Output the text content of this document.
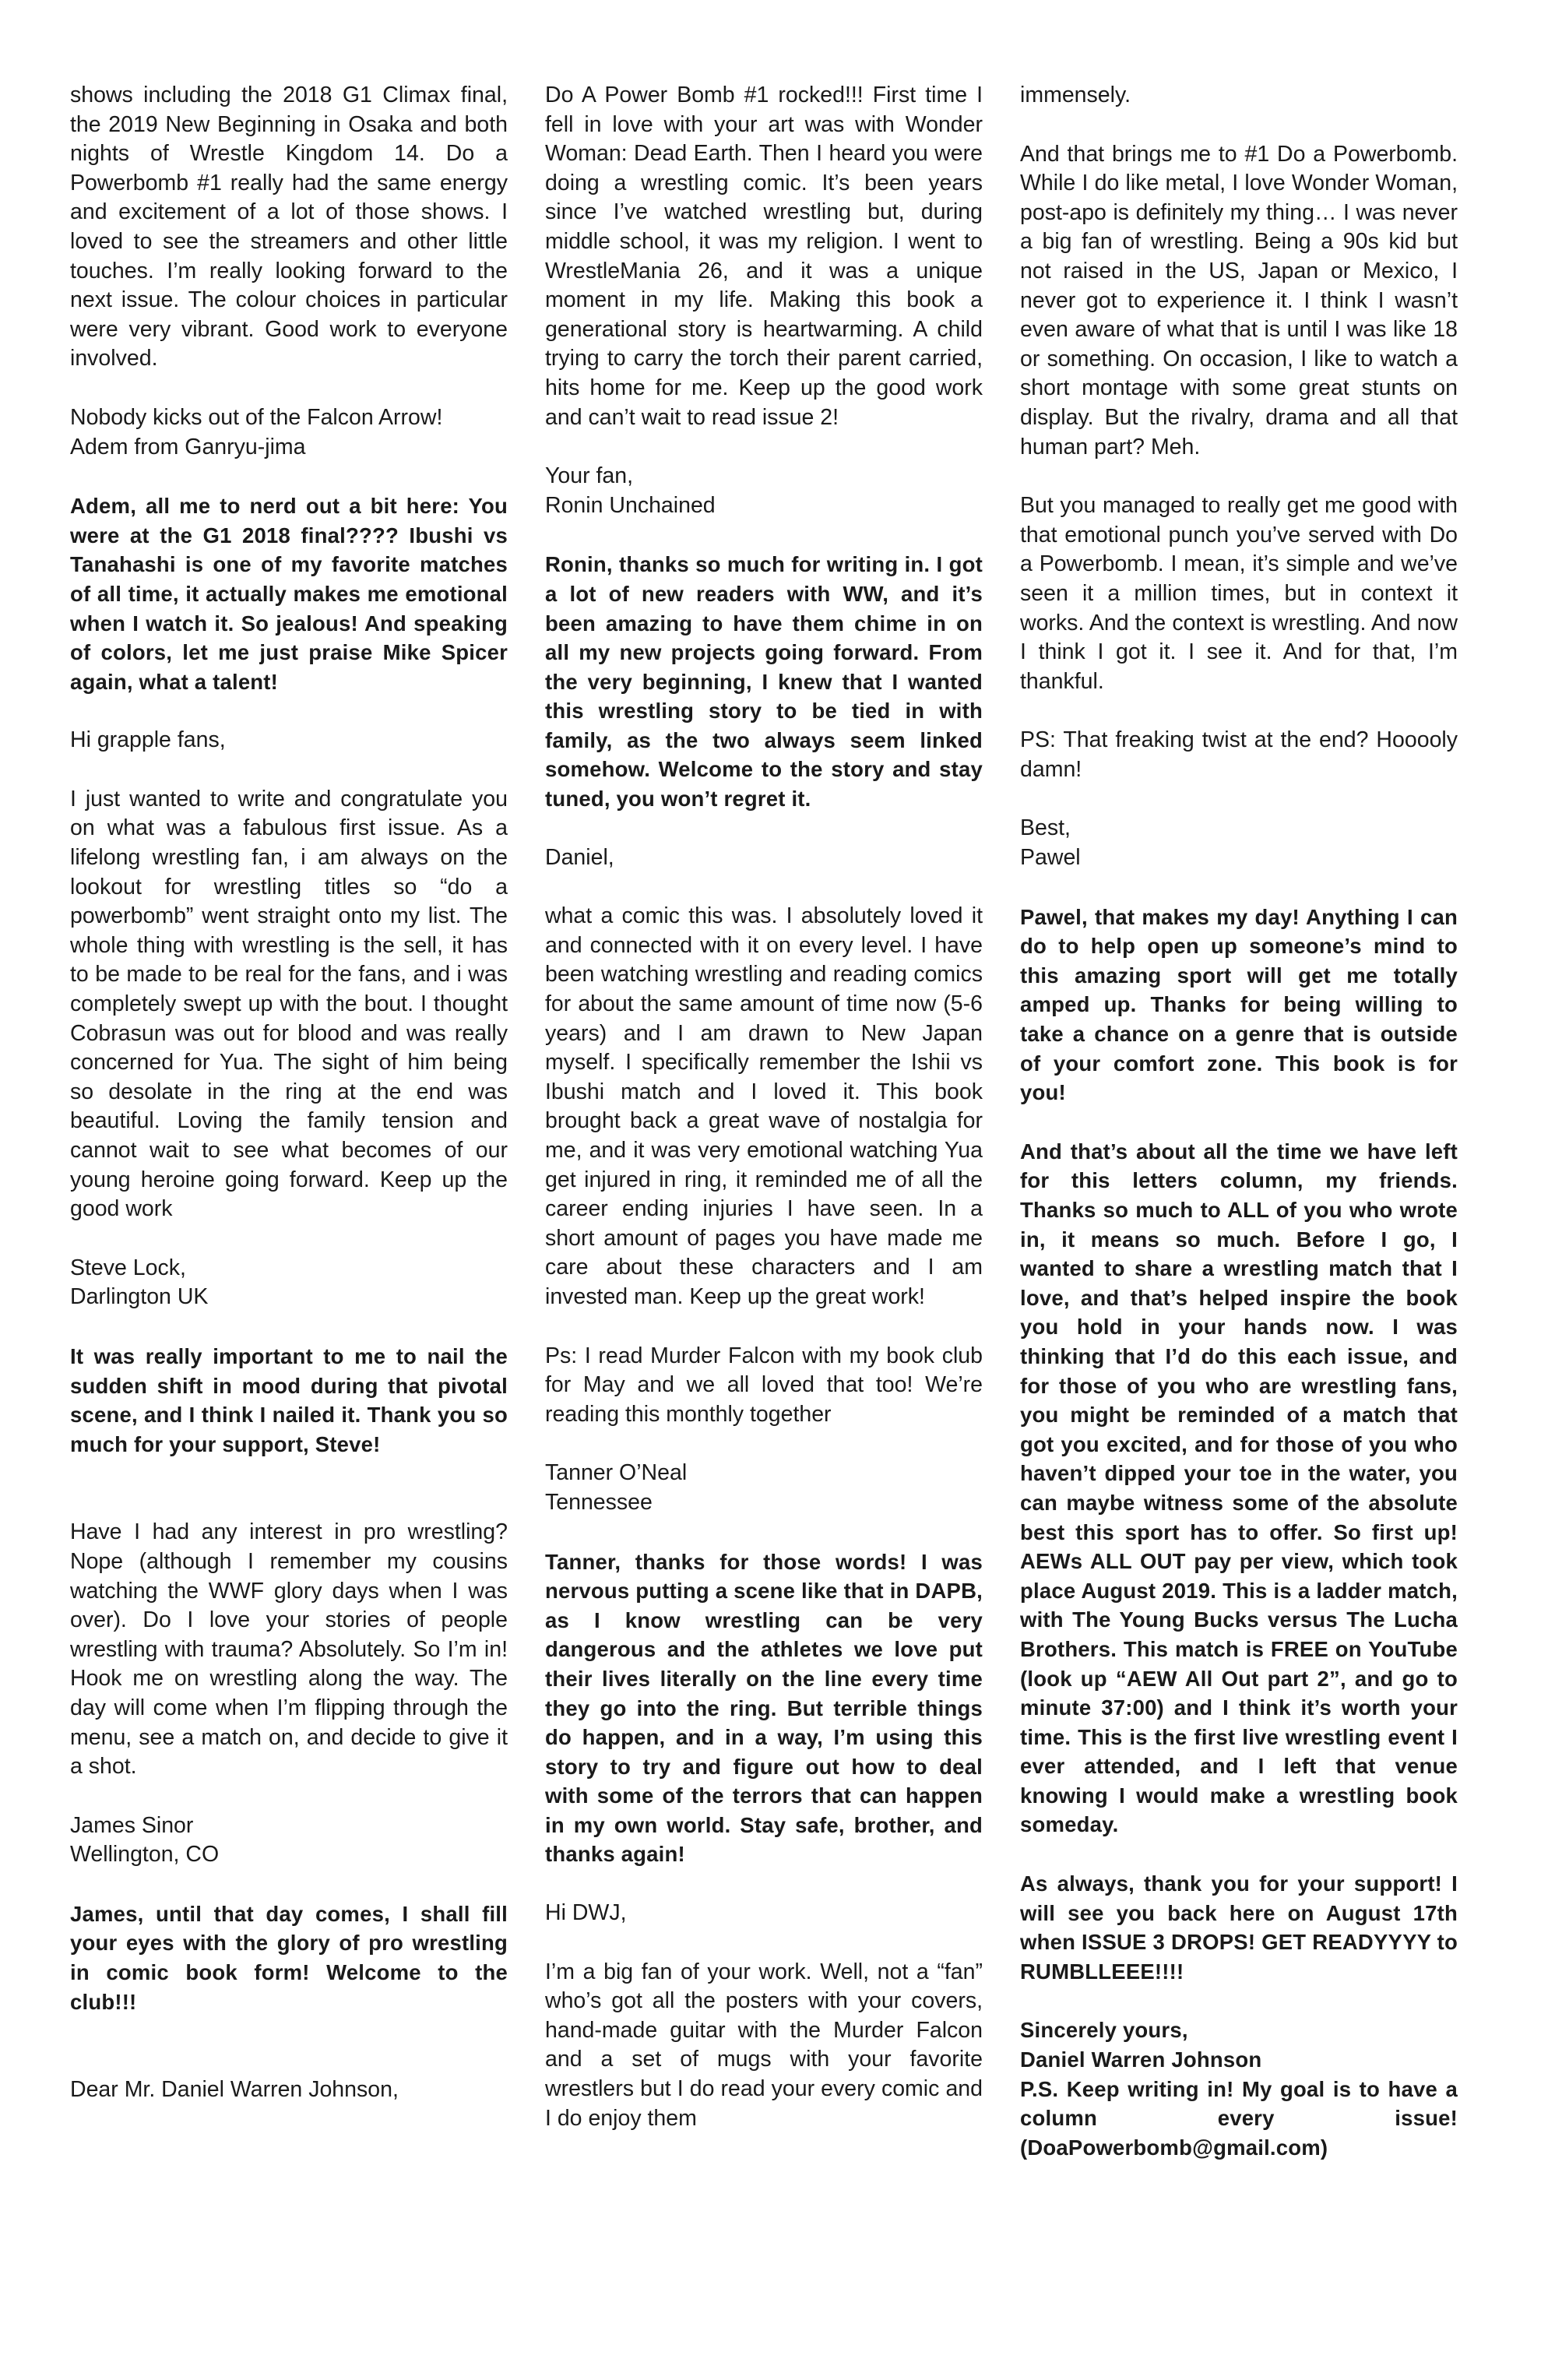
shows including the 2018 G1 Climax final, the 2019 New Beginning in Osaka and both nights of Wrestle Kingdom 14. Do a Powerbomb #1 really had the same energy and excitement of a lot of those shows. I loved to see the streamers and other little touches. I’m really looking forward to the next issue. The colour choices in particular were very vibrant. Good work to everyone involved.

Nobody kicks out of the Falcon Arrow!
Adem from Ganryu-jima

Adem, all me to nerd out a bit here: You were at the G1 2018 final???? Ibushi vs Tanahashi is one of my favorite matches of all time, it actually makes me emotional when I watch it. So jealous! And speaking of colors, let me just praise Mike Spicer again, what a talent!

Hi grapple fans,

I just wanted to write and congratulate you on what was a fabulous first issue. As a lifelong wrestling fan, i am always on the lookout for wrestling titles so “do a powerbomb” went straight onto my list. The whole thing with wrestling is the sell, it has to be made to be real for the fans, and i was completely swept up with the bout. I thought Cobrasun was out for blood and was really concerned for Yua. The sight of him being so desolate in the ring at the end was beautiful. Loving the family tension and cannot wait to see what becomes of our young heroine going forward. Keep up the good work

Steve Lock,
Darlington UK

It was really important to me to nail the sudden shift in mood during that pivotal scene, and I think I nailed it. Thank you so much for your support, Steve!

Have I had any interest in pro wrestling? Nope (although I remember my cousins watching the WWF glory days when I was over). Do I love your stories of people wrestling with trauma? Absolutely. So I’m in! Hook me on wrestling along the way. The day will come when I’m flipping through the menu, see a match on, and decide to give it a shot.

James Sinor
Wellington, CO

James, until that day comes, I shall fill your eyes with the glory of pro wrestling in comic book form! Welcome to the club!!!

Dear Mr. Daniel Warren Johnson,

Do A Power Bomb #1 rocked!!! First time I fell in love with your art was with Wonder Woman: Dead Earth. Then I heard you were doing a wrestling comic. It’s been years since I’ve watched wrestling but, during middle school, it was my religion. I went to WrestleMania 26, and it was a unique moment in my life. Making this book a generational story is heartwarming. A child trying to carry the torch their parent carried, hits home for me. Keep up the good work and can’t wait to read issue 2!

Your fan,
Ronin Unchained

Ronin, thanks so much for writing in. I got a lot of new readers with WW, and it’s been amazing to have them chime in on all my new projects going forward. From the very beginning, I knew that I wanted this wrestling story to be tied in with family, as the two always seem linked somehow. Welcome to the story and stay tuned, you won’t regret it.

Daniel,

what a comic this was. I absolutely loved it and connected with it on every level. I have been watching wrestling and reading comics for about the same amount of time now (5-6 years) and I am drawn to New Japan myself. I specifically remember the Ishii vs Ibushi match and I loved it. This book brought back a great wave of nostalgia for me, and it was very emotional watching Yua get injured in ring, it reminded me of all the career ending injuries I have seen. In a short amount of pages you have made me care about these characters and I am invested man. Keep up the great work!

Ps: I read Murder Falcon with my book club for May and we all loved that too! We’re reading this monthly together

Tanner O’Neal
Tennessee

Tanner, thanks for those words! I was nervous putting a scene like that in DAPB, as I know wrestling can be very dangerous and the athletes we love put their lives literally on the line every time they go into the ring. But terrible things do happen, and in a way, I’m using this story to try and figure out how to deal with some of the terrors that can happen in my own world. Stay safe, brother, and thanks again!

Hi DWJ,

I’m a big fan of your work. Well, not a “fan” who’s got all the posters with your covers, hand-made guitar with the Murder Falcon and a set of mugs with your favorite wrestlers but I do read your every comic and I do enjoy them

immensely.

And that brings me to #1 Do a Powerbomb. While I do like metal, I love Wonder Woman, post-apo is definitely my thing… I was never a big fan of wrestling. Being a 90s kid but not raised in the US, Japan or Mexico, I never got to experience it. I think I wasn’t even aware of what that is until I was like 18 or something. On occasion, I like to watch a short montage with some great stunts on display. But the rivalry, drama and all that human part? Meh.

But you managed to really get me good with that emotional punch you’ve served with Do a Powerbomb. I mean, it’s simple and we’ve seen it a million times, but in context it works. And the context is wrestling. And now I think I got it. I see it. And for that, I’m thankful.

PS: That freaking twist at the end? Hooooly damn!

Best,
Pawel

Pawel, that makes my day! Anything I can do to help open up someone’s mind to this amazing sport will get me totally amped up. Thanks for being willing to take a chance on a genre that is outside of your comfort zone. This book is for you!

And that’s about all the time we have left for this letters column, my friends. Thanks so much to ALL of you who wrote in, it means so much. Before I go, I wanted to share a wrestling match that I love, and that’s helped inspire the book you hold in your hands now. I was thinking that I’d do this each issue, and for those of you who are wrestling fans, you might be reminded of a match that got you excited, and for those of you who haven’t dipped your toe in the water, you can maybe witness some of the absolute best this sport has to offer. So first up! AEWs ALL OUT pay per view, which took place August 2019. This is a ladder match, with The Young Bucks versus The Lucha Brothers. This match is FREE on YouTube (look up “AEW All Out part 2”, and go to minute 37:00) and I think it’s worth your time. This is the first live wrestling event I ever attended, and I left that venue knowing I would make a wrestling book someday.

As always, thank you for your support! I will see you back here on August 17th when ISSUE 3 DROPS! GET READYYYY to RUMBLLEEE!!!!

Sincerely yours,
Daniel Warren Johnson
P.S. Keep writing in! My goal is to have a column every issue! (DoaPowerbomb@gmail.com)
